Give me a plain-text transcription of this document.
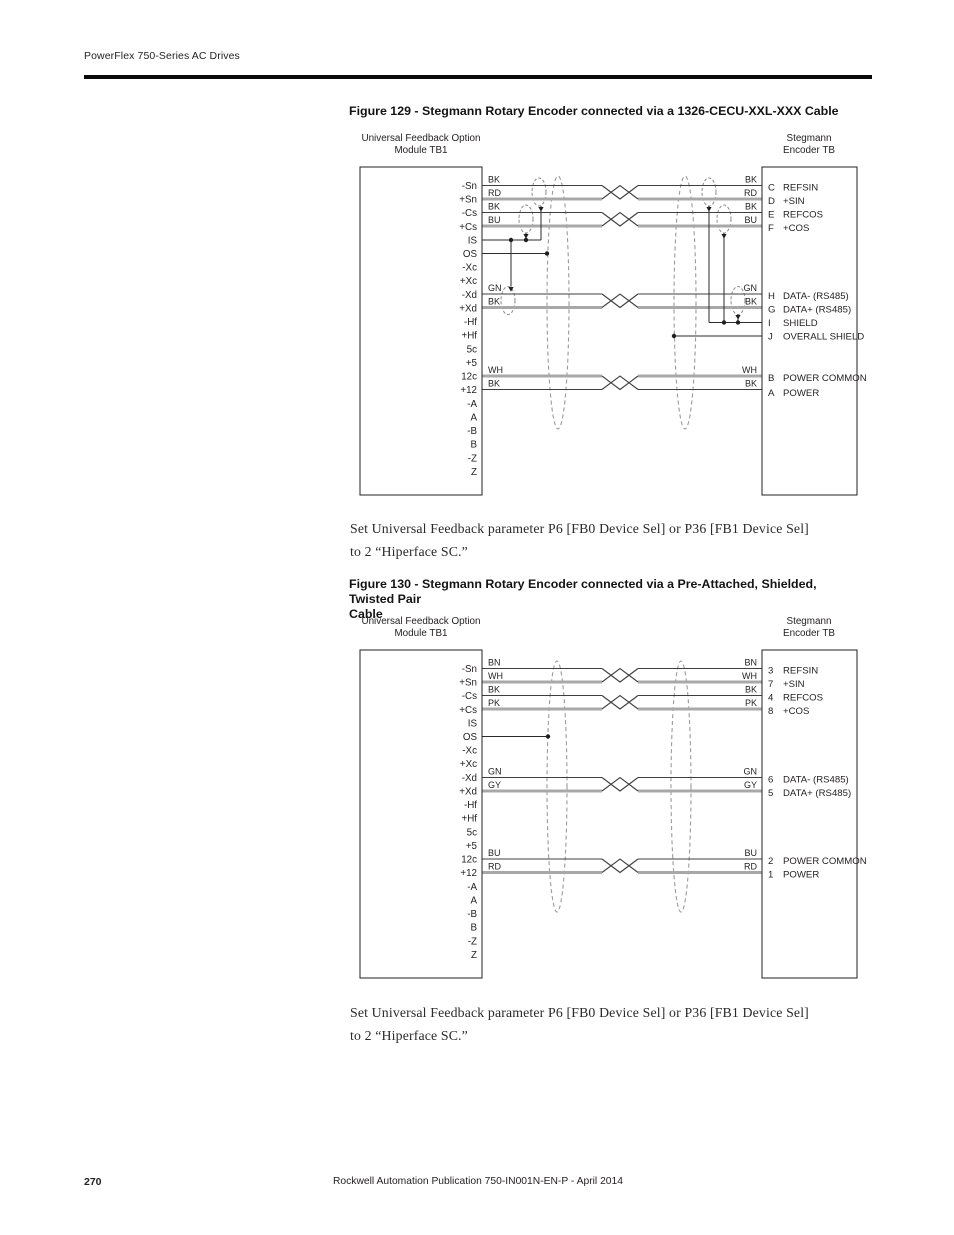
PowerFlex 750-Series AC Drives
Figure 129 - Stegmann Rotary Encoder connected via a 1326-CECU-XXL-XXX Cable
Universal Feedback Option
Module TB1
Stegmann
Encoder TB
BK	BK
RD	RD
BK	BK
BU	BU
GN	GN
BK	BK
WH	WH
BK	BK
-Sn
+Sn
-Cs
+Cs
IS
OS
-Xc
+Xc
-Xd
+Xd
-Hf
+Hf
5c
+5
12c
+12
-A
A
-B
B
-Z
Z
C REFSIN
D +SIN
E REFCOS
F +COS
H DATA- (RS485)
G DATA+ (RS485)
I SHIELD
J OVERALL SHIELD
B POWER COMMON
A POWER
Set Universal Feedback parameter P6 [FB0 Device Sel] or P36 [FB1 Device Sel]
to 2 “Hiperface SC.”
Figure 130 - Stegmann Rotary Encoder connected via a Pre-Attached, Shielded, Twisted Pair
Cable
Universal Feedback Option
Module TB1
Stegmann
Encoder TB
BN	BN
WH	WH
BK	BK
PK	PK
GN	GN
GY	GY
BU	BU
RD	RD
-Sn
+Sn
-Cs
+Cs
IS
OS
-Xc
+Xc
-Xd
+Xd
-Hf
+Hf
5c
+5
12c
+12
-A
A
-B
B
-Z
Z
3 REFSIN
7 +SIN
4 REFCOS
8 +COS
6 DATA- (RS485)
5 DATA+ (RS485)
2 POWER COMMON
1 POWER
Set Universal Feedback parameter P6 [FB0 Device Sel] or P36 [FB1 Device Sel]
to 2 “Hiperface SC.”
270	Rockwell Automation Publication 750-IN001N-EN-P - April 2014
